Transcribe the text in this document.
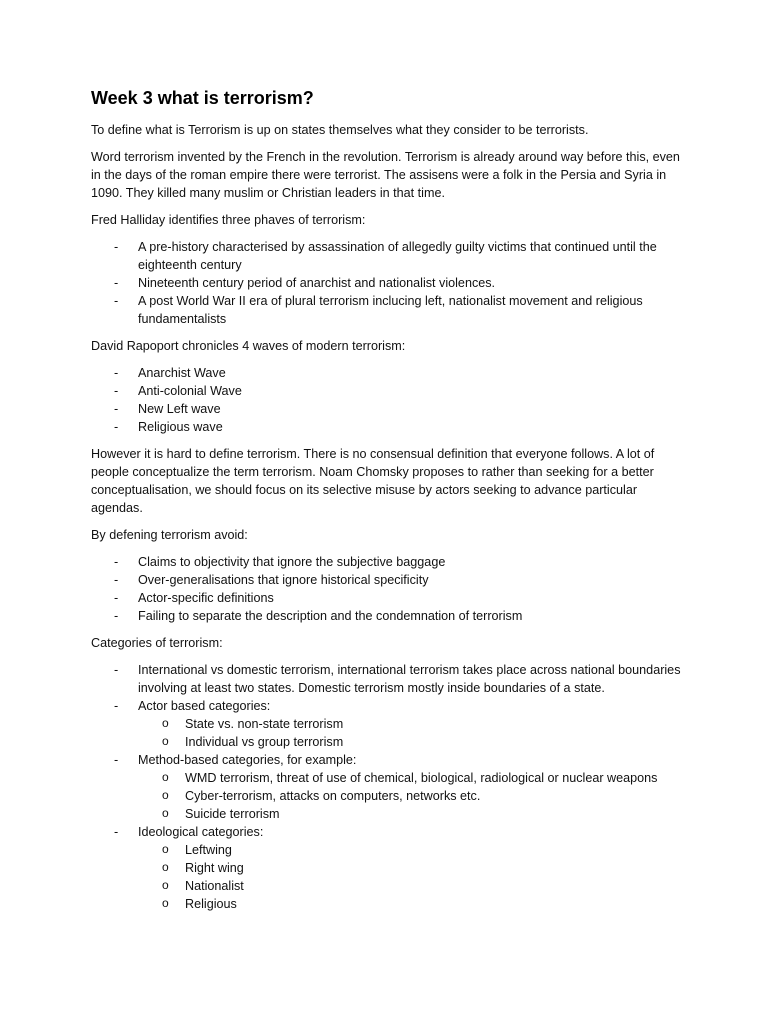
Week 3 what is terrorism?

To define what is Terrorism is up on states themselves what they consider to be terrorists.

Word terrorism invented by the French in the revolution. Terrorism is already around way before this, even in the days of the roman empire there were terrorist. The assisens were a folk in the Persia and Syria in 1090. They killed many muslim or Christian leaders in that time.

Fred Halliday identifies three phaves of terrorism:

- A pre-history characterised by assassination of allegedly guilty victims that continued until the eighteenth century
- Nineteenth century period of anarchist and nationalist violences.
- A post World War II era of plural terrorism inclucing left, nationalist movement and religious fundamentalists

David Rapoport chronicles 4 waves of modern terrorism:

- Anarchist Wave
- Anti-colonial Wave
- New Left wave
- Religious wave

However it is hard to define terrorism. There is no consensual definition that everyone follows. A lot of people conceptualize the term terrorism. Noam Chomsky proposes to rather than seeking for a better conceptualisation, we should focus on its selective misuse by actors seeking to advance particular agendas.

By defening terrorism avoid:

- Claims to objectivity that ignore the subjective baggage
- Over-generalisations that ignore historical specificity
- Actor-specific definitions
- Failing to separate the description and the condemnation of terrorism

Categories of terrorism:

- International vs domestic terrorism, international terrorism takes place across national boundaries involving at least two states. Domestic terrorism mostly inside boundaries of a state.
- Actor based categories:
o State vs. non-state terrorism
o Individual vs group terrorism
- Method-based categories, for example:
o WMD terrorism, threat of use of chemical, biological, radiological or nuclear weapons
o Cyber-terrorism, attacks on computers, networks etc.
o Suicide terrorism
- Ideological categories:
o Leftwing
o Right wing
o Nationalist
o Religious
